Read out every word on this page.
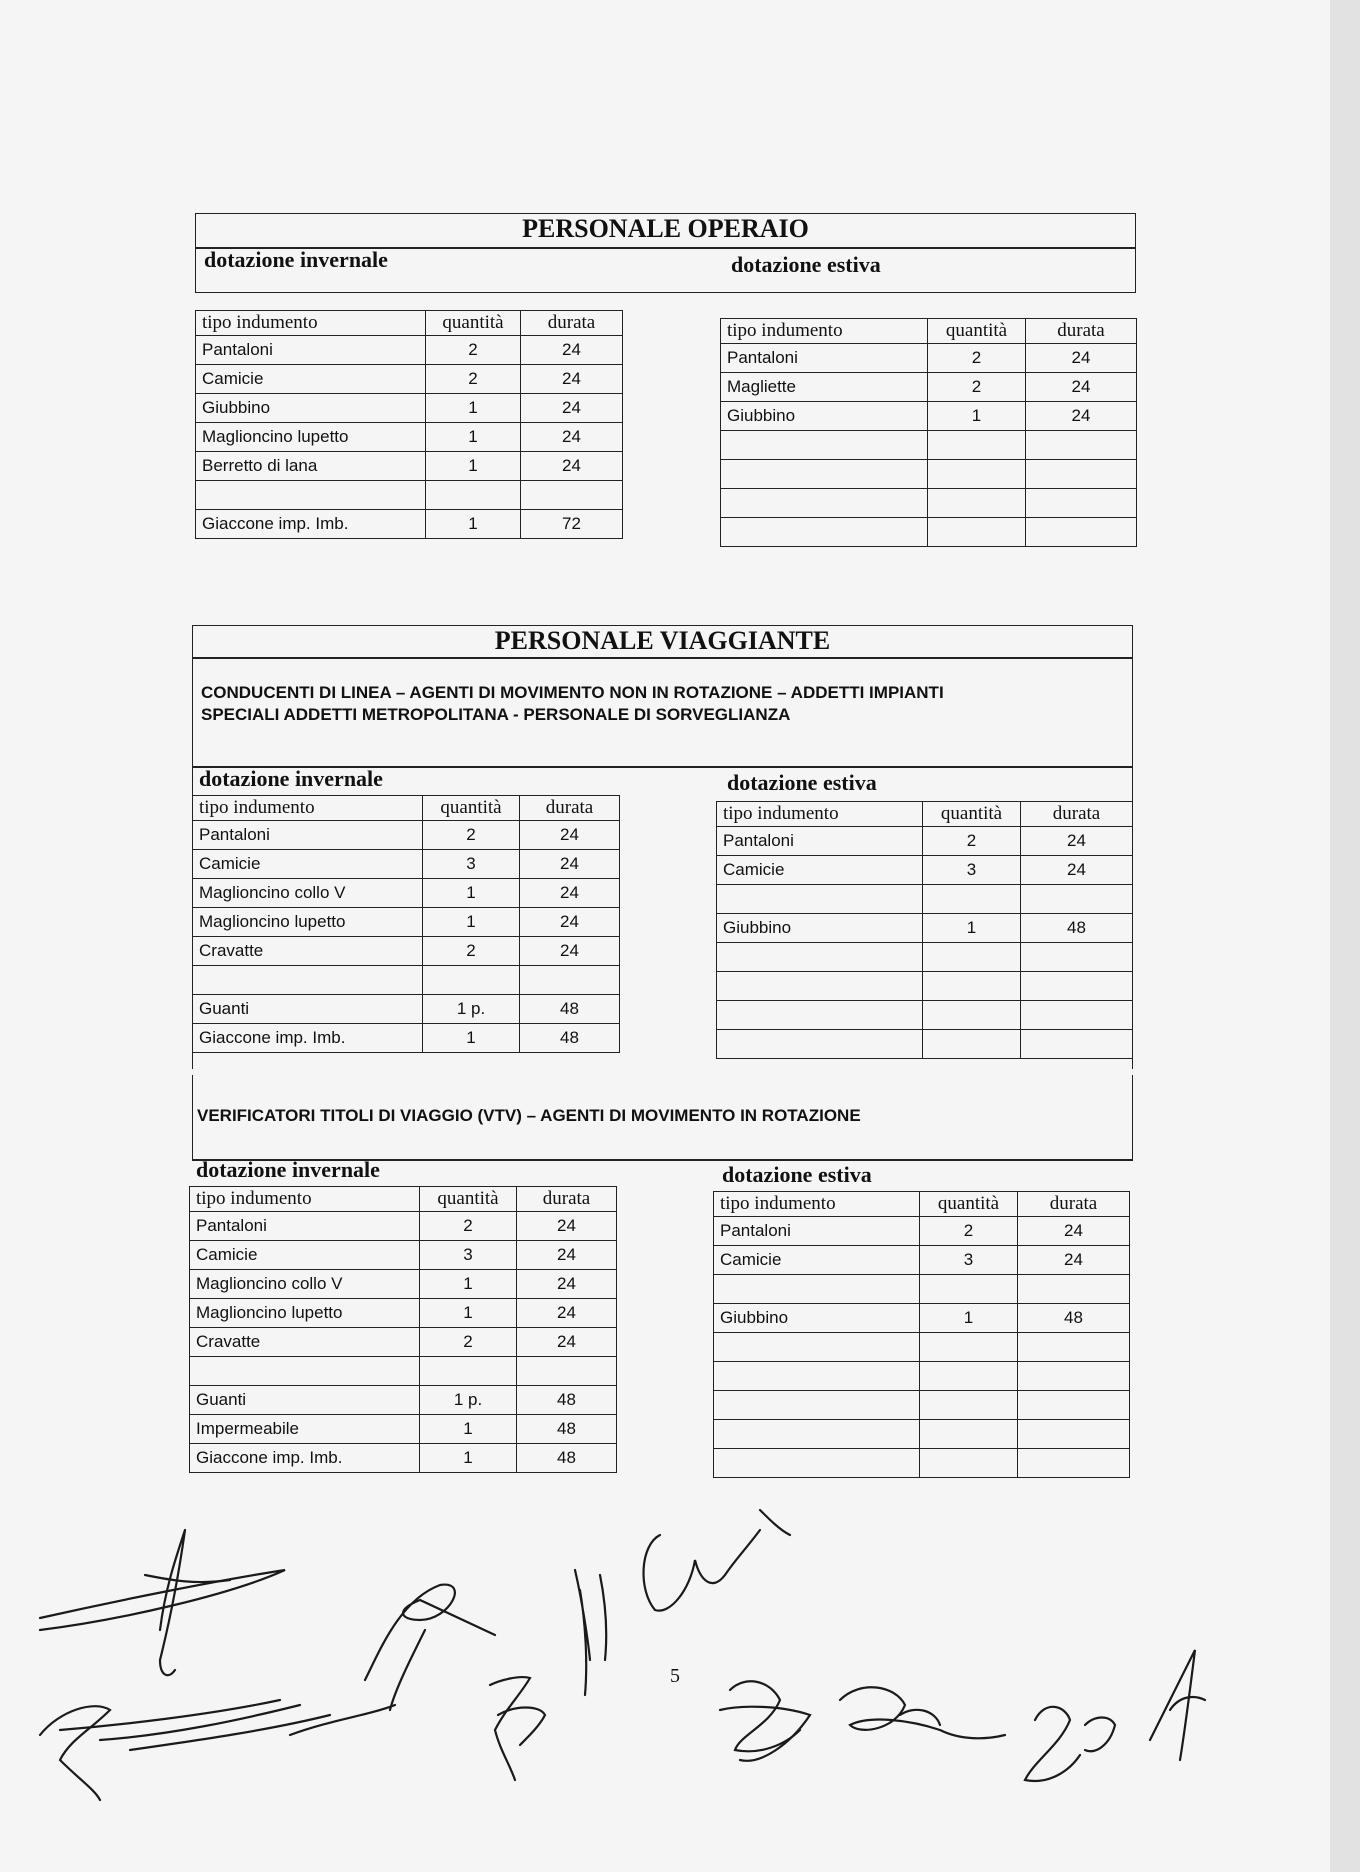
PERSONALE OPERAIO
dotazione invernale	dotazione estiva
tipo indumento	quantità	durata
Pantaloni	2	24
Camicie	2	24
Giubbino	1	24
Maglioncino lupetto	1	24
Berretto di lana	1	24

Giaccone imp. Imb.	1	72
tipo indumento	quantità	durata
Pantaloni	2	24
Magliette	2	24
Giubbino	1	24

PERSONALE VIAGGIANTE
CONDUCENTI DI LINEA – AGENTI DI MOVIMENTO NON IN ROTAZIONE – ADDETTI IMPIANTI
SPECIALI ADDETTI METROPOLITANA - PERSONALE DI SORVEGLIANZA
dotazione invernale	dotazione estiva
tipo indumento	quantità	durata
Pantaloni	2	24
Camicie	3	24
Maglioncino collo V	1	24
Maglioncino lupetto	1	24
Cravatte	2	24

Guanti	1 p.	48
Giaccone imp. Imb.	1	48
tipo indumento	quantità	durata
Pantaloni	2	24
Camicie	3	24

Giubbino	1	48

VERIFICATORI TITOLI DI VIAGGIO (VTV) – AGENTI DI MOVIMENTO IN ROTAZIONE
dotazione invernale	dotazione estiva
tipo indumento	quantità	durata
Pantaloni	2	24
Camicie	3	24
Maglioncino collo V	1	24
Maglioncino lupetto	1	24
Cravatte	2	24

Guanti	1 p.	48
Impermeabile	1	48
Giaccone imp. Imb.	1	48
tipo indumento	quantità	durata
Pantaloni	2	24
Camicie	3	24

Giubbino	1	48

5
